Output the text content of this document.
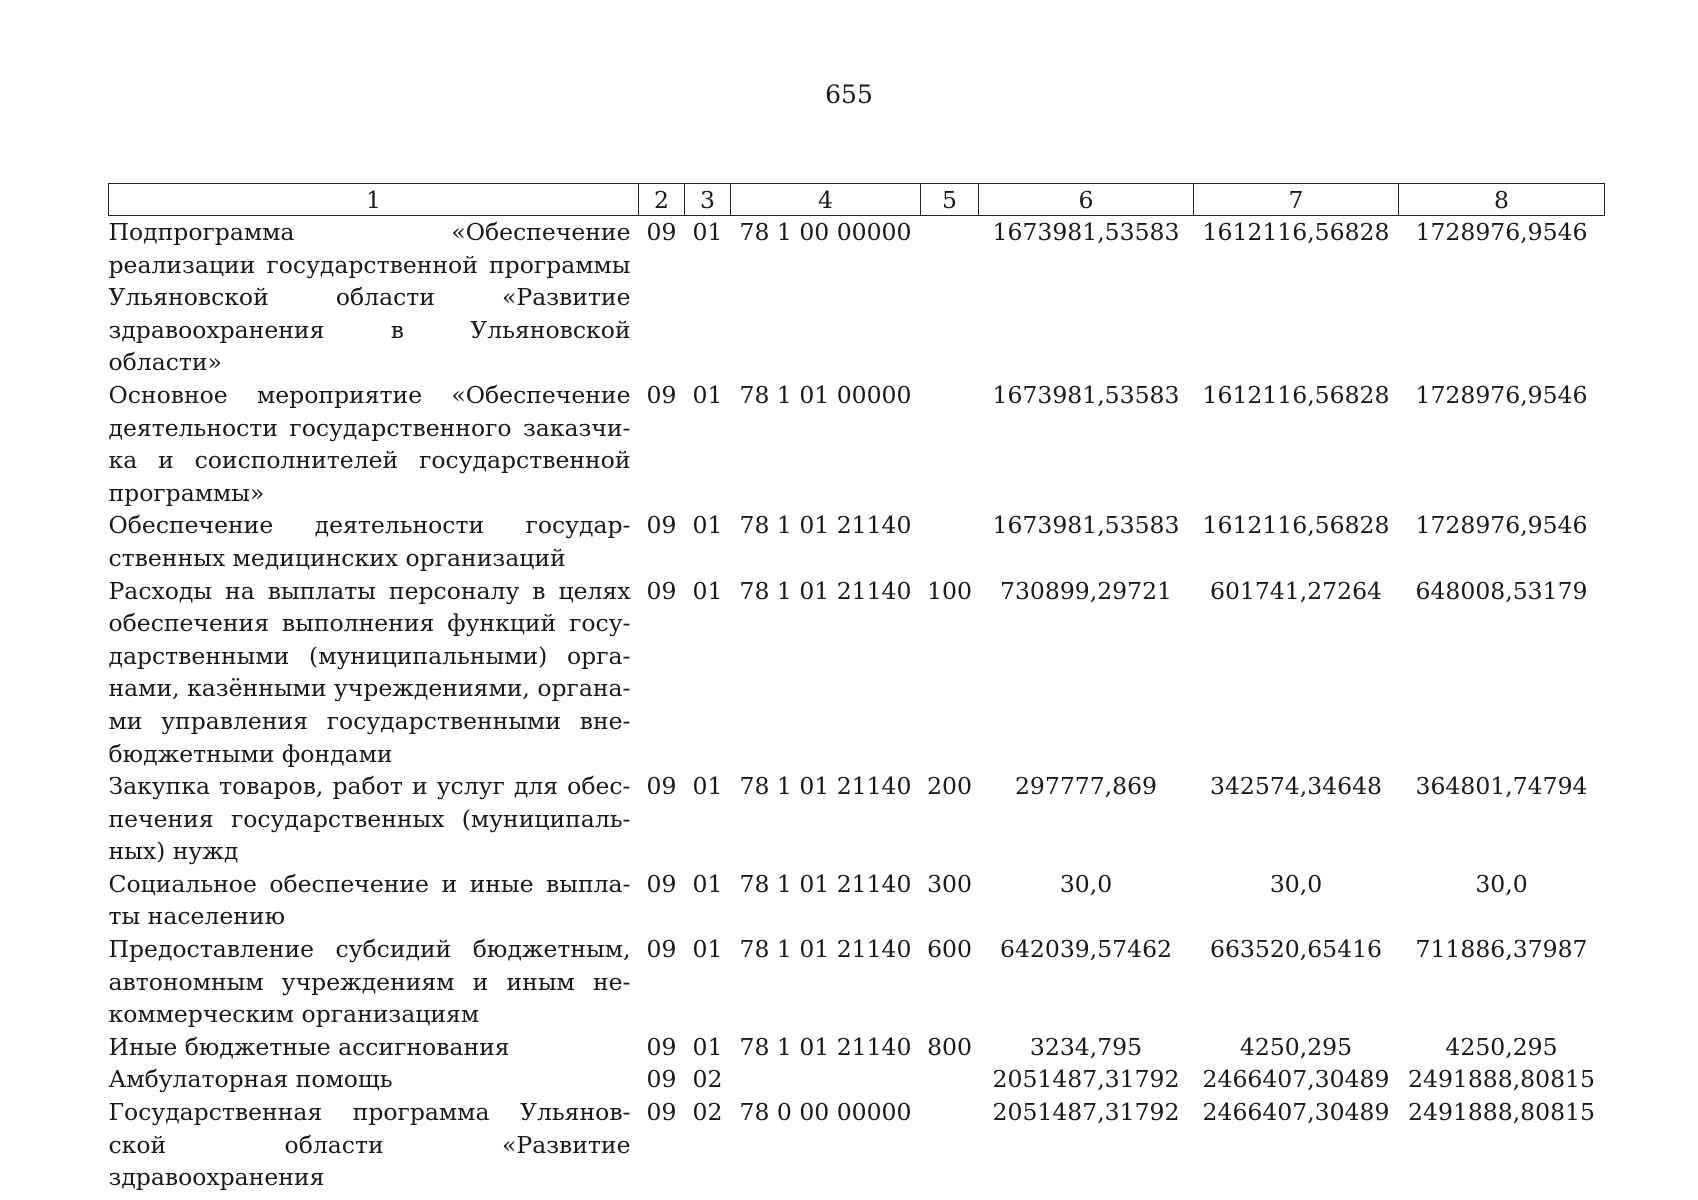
655
1	2	3	4	5	6	7	8
Подпрограмма «Обеспечение реализации государственной программы Ульяновской области «Развитие здравоохранения в Ульяновской области»	09	01	78 1 00 00000		1673981,53583	1612116,56828	1728976,9546
Основное мероприятие «Обеспечение деятельности государственного заказчика и соисполнителей государственной программы»	09	01	78 1 01 00000		1673981,53583	1612116,56828	1728976,9546
Обеспечение деятельности государственных медицинских организаций	09	01	78 1 01 21140		1673981,53583	1612116,56828	1728976,9546
Расходы на выплаты персоналу в целях обеспечения выполнения функций государственными (муниципальными) органами, казёнными учреждениями, органами управления государственными внебюджетными фондами	09	01	78 1 01 21140	100	730899,29721	601741,27264	648008,53179
Закупка товаров, работ и услуг для обеспечения государственных (муниципальных) нужд	09	01	78 1 01 21140	200	297777,869	342574,34648	364801,74794
Социальное обеспечение и иные выплаты населению	09	01	78 1 01 21140	300	30,0	30,0	30,0
Предоставление субсидий бюджетным, автономным учреждениям и иным некоммерческим организациям	09	01	78 1 01 21140	600	642039,57462	663520,65416	711886,37987
Иные бюджетные ассигнования	09	01	78 1 01 21140	800	3234,795	4250,295	4250,295
Амбулаторная помощь	09	02			2051487,31792	2466407,30489	2491888,80815
Государственная программа Ульяновской области «Развитие здравоохранения	09	02	78 0 00 00000		2051487,31792	2466407,30489	2491888,80815
